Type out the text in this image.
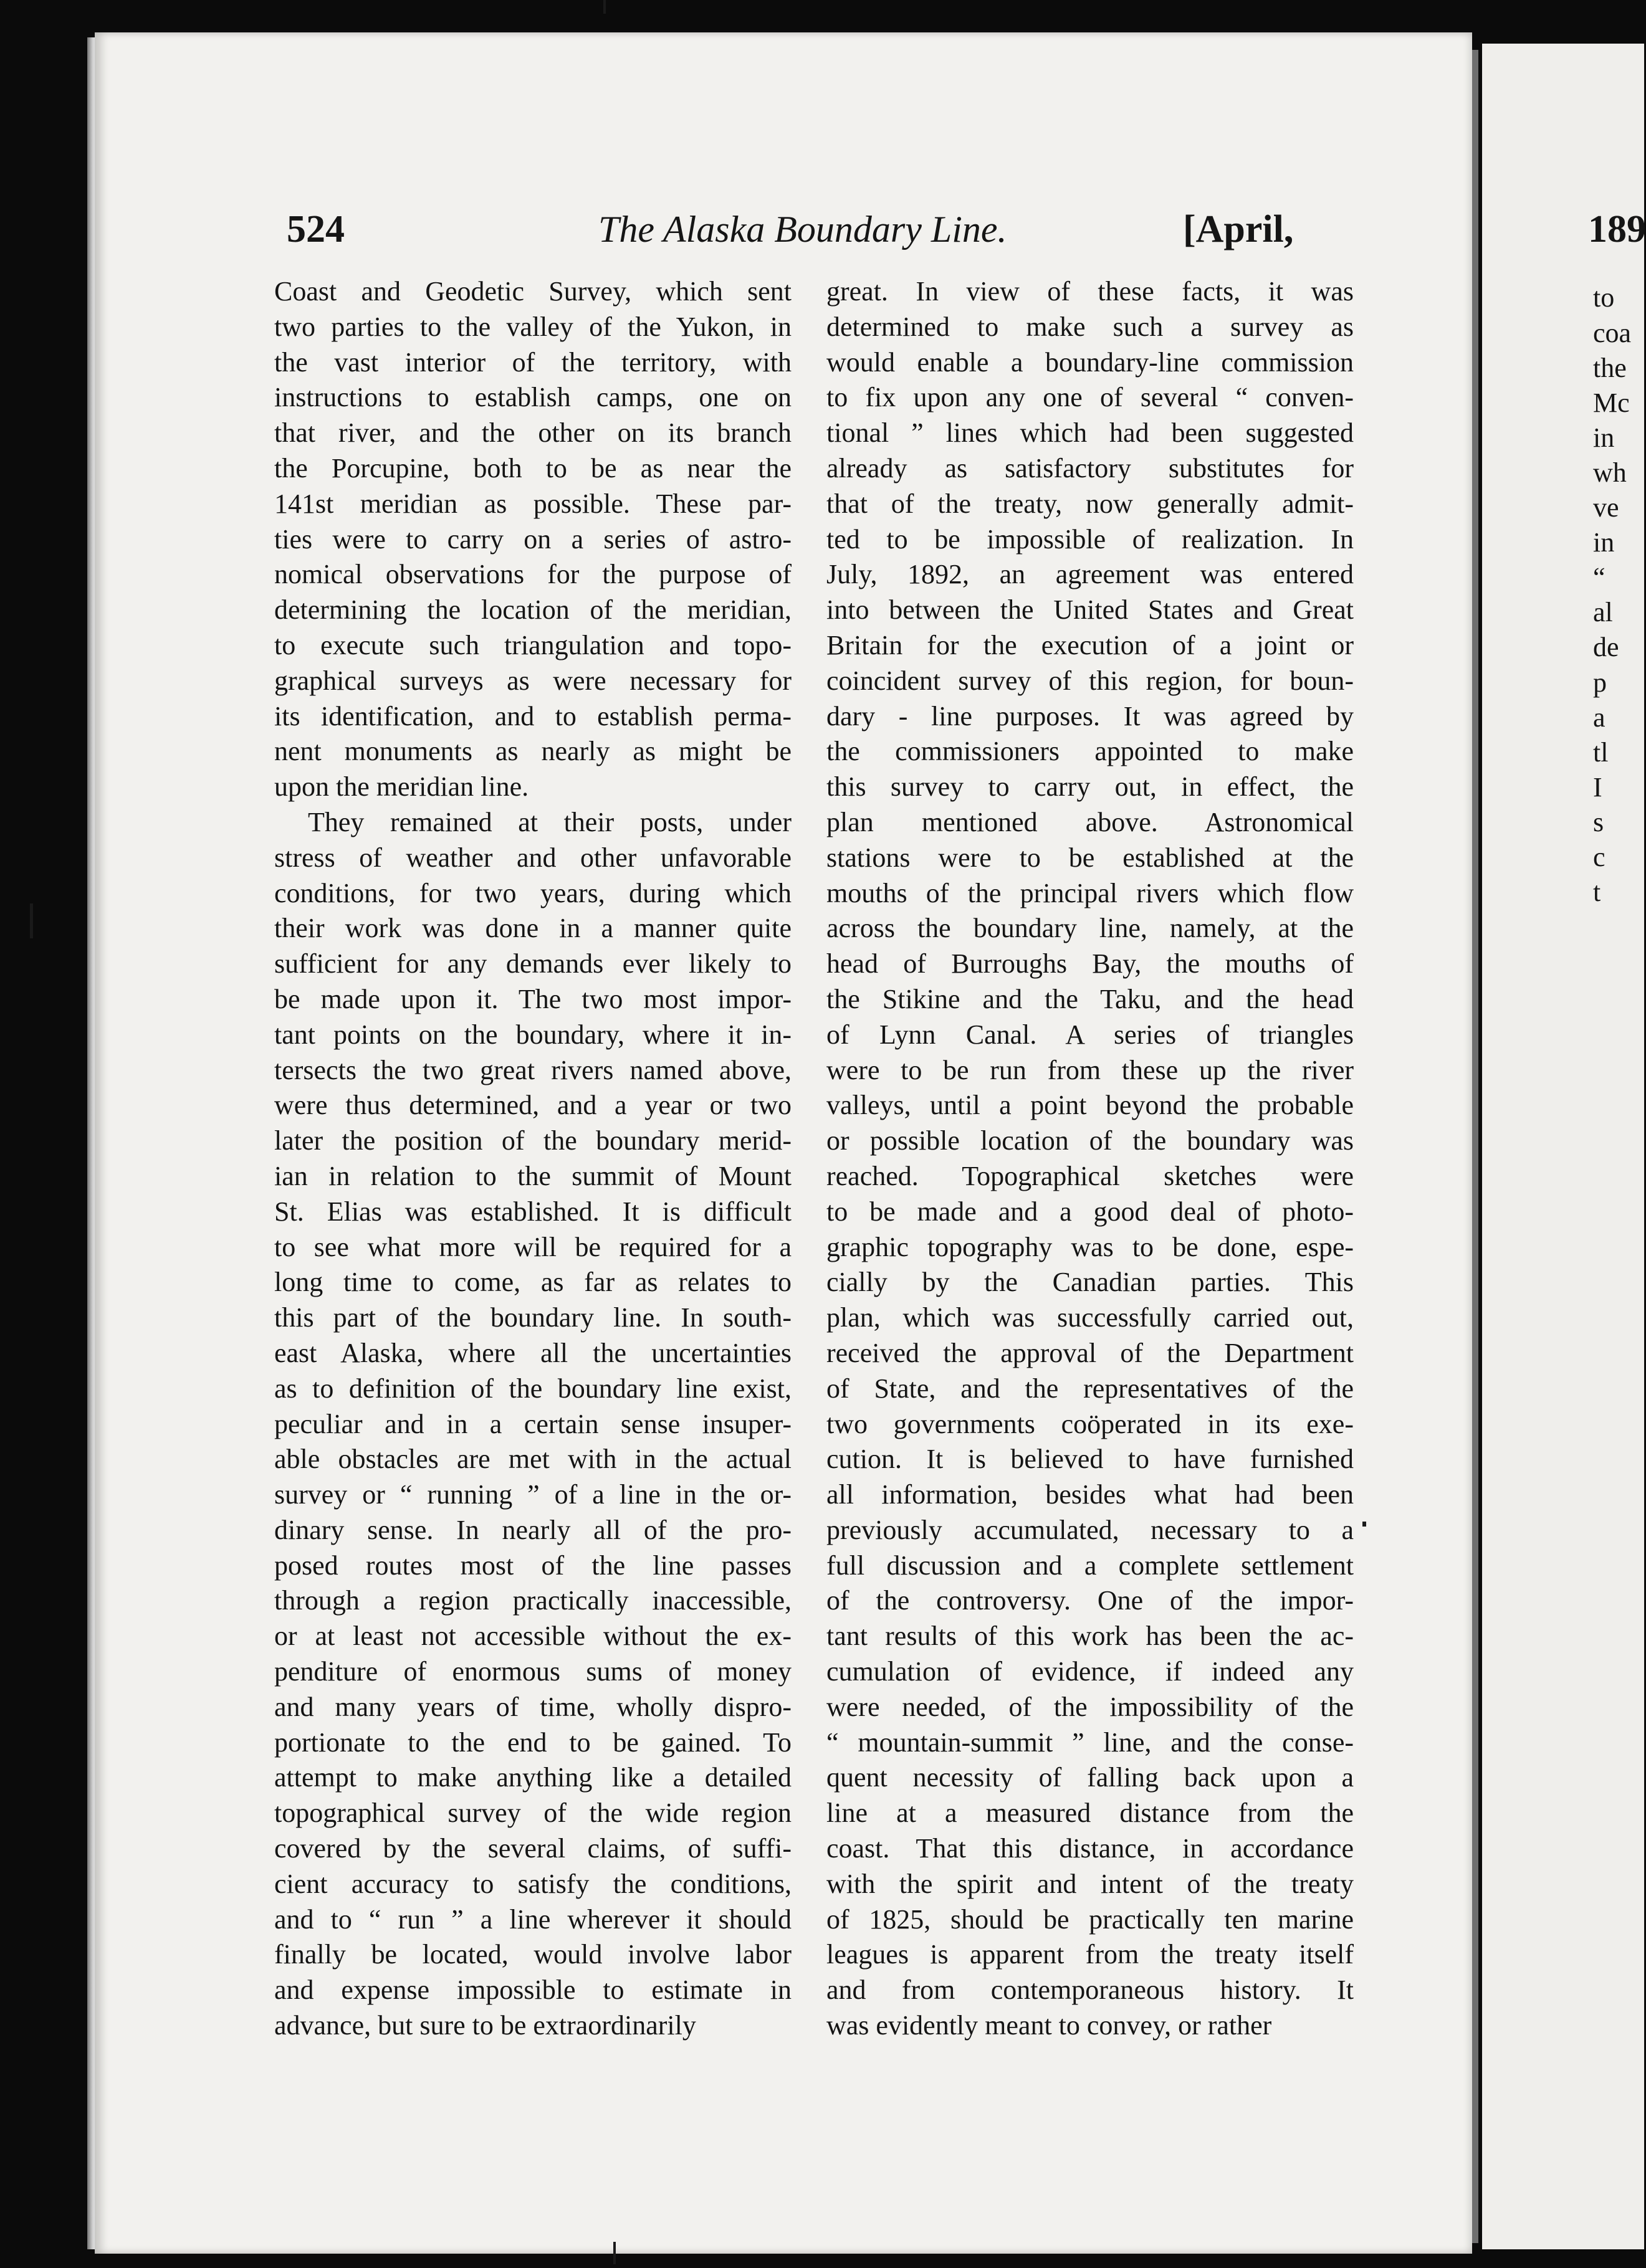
524	The Alaska Boundary Line.	[April,
Coast and Geodetic Survey, which sent
two parties to the valley of the Yukon, in
the vast interior of the territory, with
instructions to establish camps, one on
that river, and the other on its branch
the Porcupine, both to be as near the
141st meridian as possible. These par-
ties were to carry on a series of astro-
nomical observations for the purpose of
determining the location of the meridian,
to execute such triangulation and topo-
graphical surveys as were necessary for
its identification, and to establish perma-
nent monuments as nearly as might be
upon the meridian line.
They remained at their posts, under
stress of weather and other unfavorable
conditions, for two years, during which
their work was done in a manner quite
sufficient for any demands ever likely to
be made upon it. The two most impor-
tant points on the boundary, where it in-
tersects the two great rivers named above,
were thus determined, and a year or two
later the position of the boundary merid-
ian in relation to the summit of Mount
St. Elias was established. It is difficult
to see what more will be required for a
long time to come, as far as relates to
this part of the boundary line. In south-
east Alaska, where all the uncertainties
as to definition of the boundary line exist,
peculiar and in a certain sense insuper-
able obstacles are met with in the actual
survey or “ running ” of a line in the or-
dinary sense. In nearly all of the pro-
posed routes most of the line passes
through a region practically inaccessible,
or at least not accessible without the ex-
penditure of enormous sums of money
and many years of time, wholly dispro-
portionate to the end to be gained. To
attempt to make anything like a detailed
topographical survey of the wide region
covered by the several claims, of suffi-
cient accuracy to satisfy the conditions,
and to “ run ” a line wherever it should
finally be located, would involve labor
and expense impossible to estimate in
advance, but sure to be extraordinarily
great. In view of these facts, it was
determined to make such a survey as
would enable a boundary-line commission
to fix upon any one of several “ conven-
tional ” lines which had been suggested
already as satisfactory substitutes for
that of the treaty, now generally admit-
ted to be impossible of realization. In
July, 1892, an agreement was entered
into between the United States and Great
Britain for the execution of a joint or
coincident survey of this region, for boun-
dary - line purposes. It was agreed by
the commissioners appointed to make
this survey to carry out, in effect, the
plan mentioned above. Astronomical
stations were to be established at the
mouths of the principal rivers which flow
across the boundary line, namely, at the
head of Burroughs Bay, the mouths of
the Stikine and the Taku, and the head
of Lynn Canal. A series of triangles
were to be run from these up the river
valleys, until a point beyond the probable
or possible location of the boundary was
reached. Topographical sketches were
to be made and a good deal of photo-
graphic topography was to be done, espe-
cially by the Canadian parties. This
plan, which was successfully carried out,
received the approval of the Department
of State, and the representatives of the
two governments coöperated in its exe-
cution. It is believed to have furnished
all information, besides what had been
previously accumulated, necessary to a
full discussion and a complete settlement
of the controversy. One of the impor-
tant results of this work has been the ac-
cumulation of evidence, if indeed any
were needed, of the impossibility of the
“ mountain-summit ” line, and the conse-
quent necessity of falling back upon a
line at a measured distance from the
coast. That this distance, in accordance
with the spirit and intent of the treaty
of 1825, should be practically ten marine
leagues is apparent from the treaty itself
and from contemporaneous history. It
was evidently meant to convey, or rather
189
to
coa
the
Mc
in
wh
ve
in
“
al
de
p
a
tl
I
s
c
t
